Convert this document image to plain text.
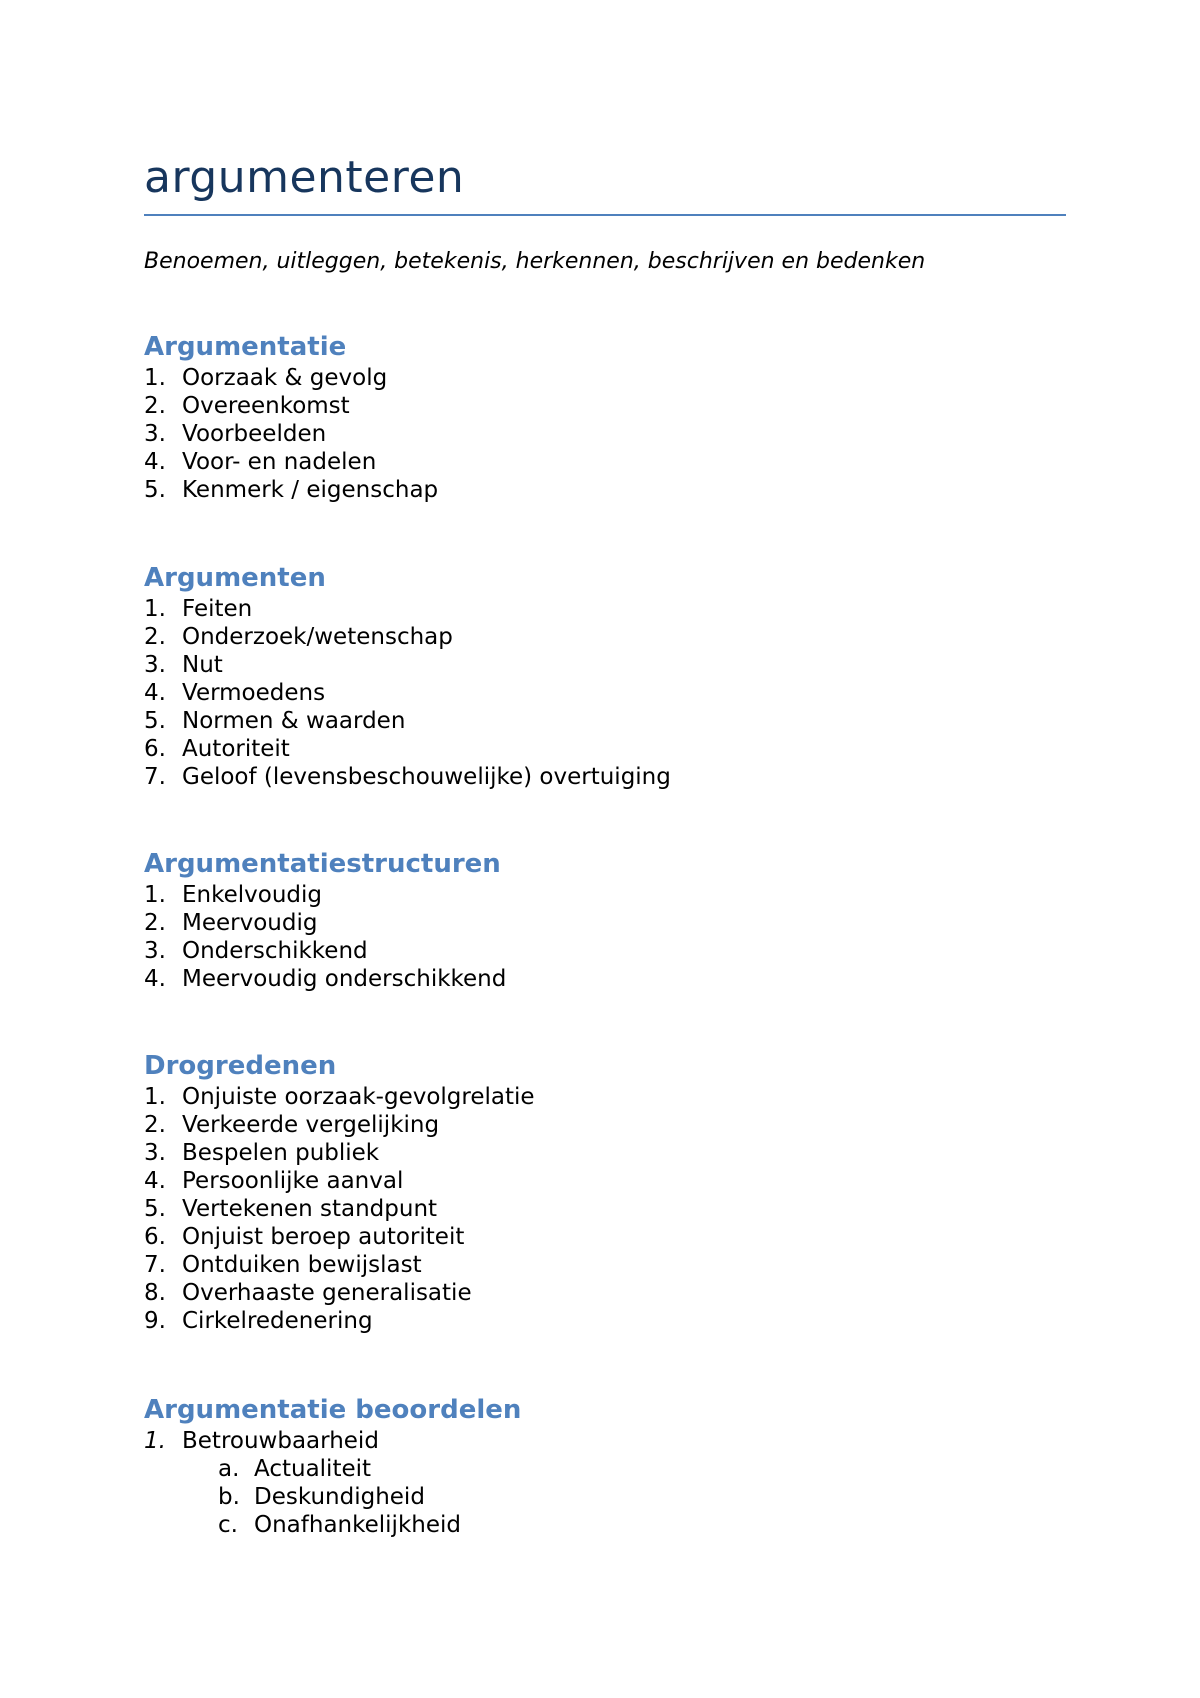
argumenteren

Benoemen, uitleggen, betekenis, herkennen, beschrijven en bedenken

Argumentatie
1. Oorzaak & gevolg
2. Overeenkomst
3. Voorbeelden
4. Voor- en nadelen
5. Kenmerk / eigenschap
Argumenten
1. Feiten
2. Onderzoek/wetenschap
3. Nut
4. Vermoedens
5. Normen & waarden
6. Autoriteit
7. Geloof (levensbeschouwelijke) overtuiging
Argumentatiestructuren
1. Enkelvoudig
2. Meervoudig
3. Onderschikkend
4. Meervoudig onderschikkend
Drogredenen
1. Onjuiste oorzaak-gevolgrelatie
2. Verkeerde vergelijking
3. Bespelen publiek
4. Persoonlijke aanval
5. Vertekenen standpunt
6. Onjuist beroep autoriteit
7. Ontduiken bewijslast
8. Overhaaste generalisatie
9. Cirkelredenering
Argumentatie beoordelen
1. Betrouwbaarheid
a. Actualiteit
b. Deskundigheid
c. Onafhankelijkheid
